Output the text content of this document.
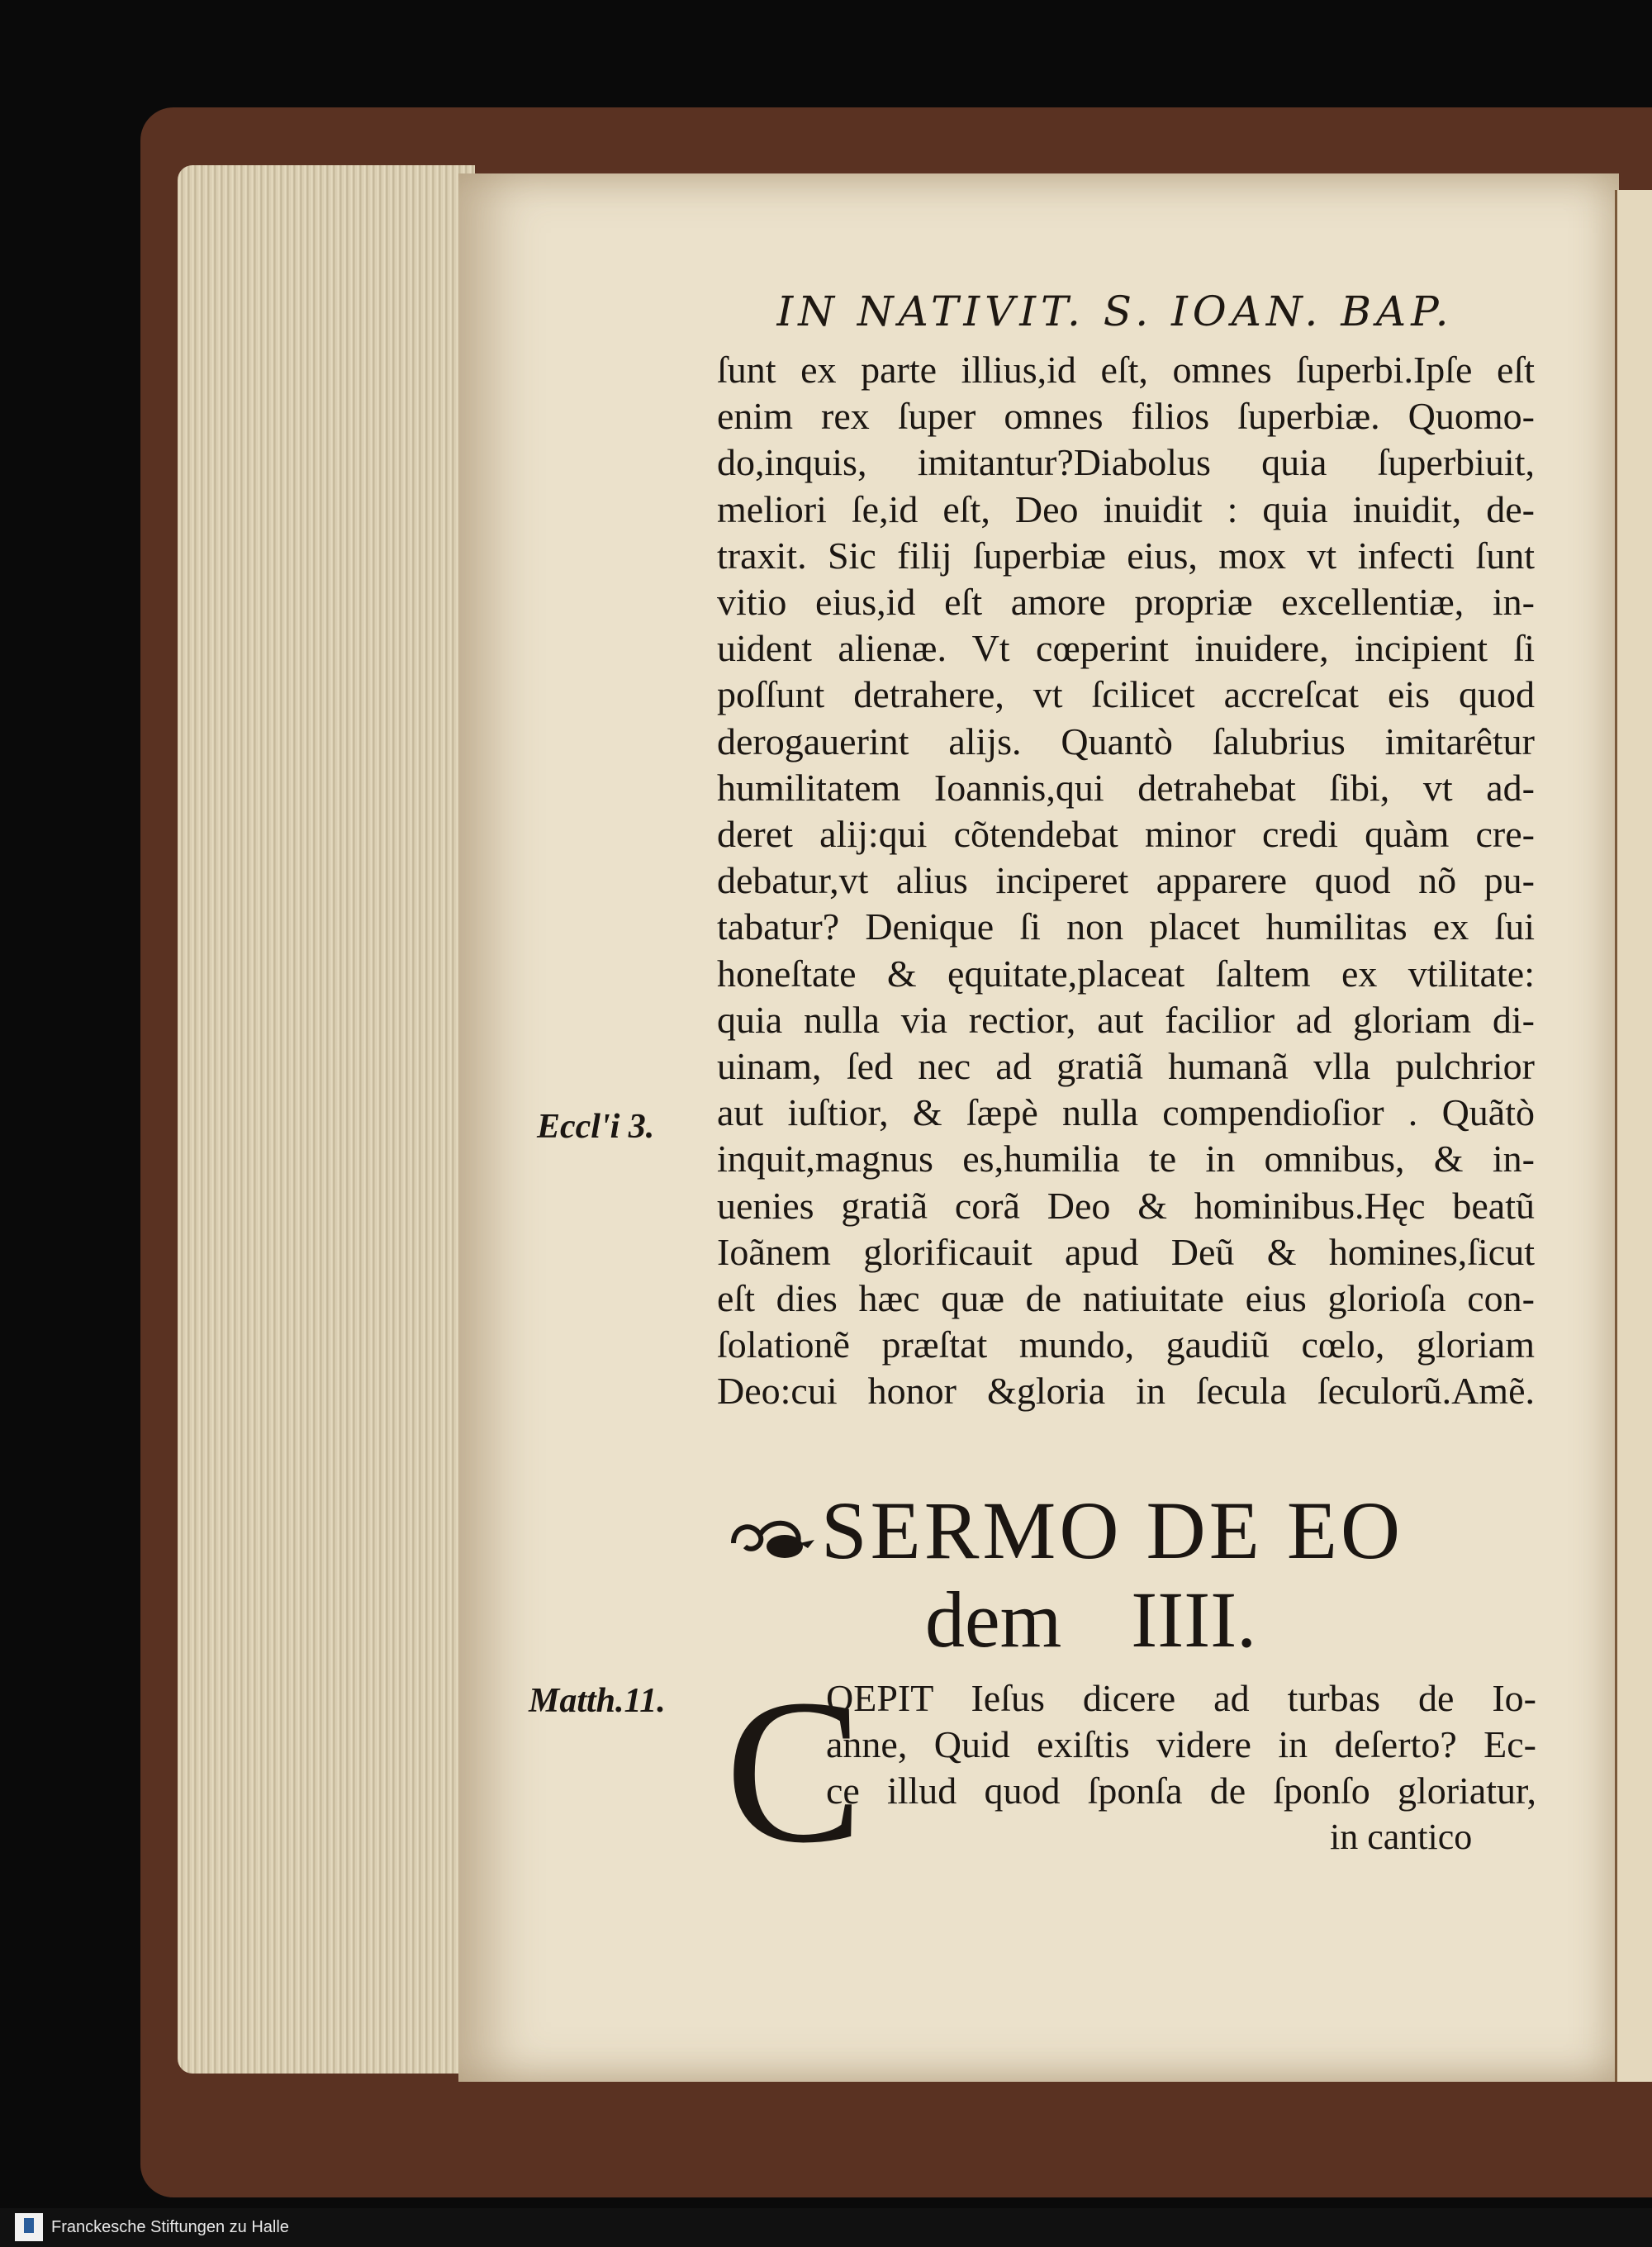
IN NATIVIT. S. IOAN. BAP.
ſunt ex parte illius,id eſt, omnes ſuperbi.Ipſe eſt
enim rex ſuper omnes filios ſuperbiæ. Quomo-
do,inquis, imitantur?Diabolus quia ſuperbiuit,
meliori ſe,id eſt, Deo inuidit : quia inuidit, de-
traxit. Sic filij ſuperbiæ eius, mox vt infecti ſunt
vitio eius,id eſt amore propriæ excellentiæ, in-
uident alienæ. Vt cœperint inuidere, incipient ſi
poſſunt detrahere, vt ſcilicet accreſcat eis quod
derogauerint alijs. Quantò ſalubrius imitarêtur
humilitatem Ioannis,qui detrahebat ſibi, vt ad-
deret alij:qui cõtendebat minor credi quàm cre-
debatur,vt alius inciperet apparere quod nõ pu-
tabatur? Denique ſi non placet humilitas ex ſui
honeſtate & ęquitate,placeat ſaltem ex vtilitate:
quia nulla via rectior, aut facilior ad gloriam di-
uinam, ſed nec ad gratiã humanã vlla pulchrior
aut iuſtior, & ſæpè nulla compendioſior . Quãtò
inquit,magnus es,humilia te in omnibus, & in-
uenies gratiã corã Deo & hominibus.Hęc beatũ
Ioãnem glorificauit apud Deũ & homines,ſicut
eſt dies hæc quæ de natiuitate eius glorioſa con-
ſolationẽ præſtat mundo, gaudiũ cœlo, gloriam
Deo:cui honor &gloria in ſecula ſeculorũ.Amẽ.
Eccl'i 3.
SERMO DE EO
dem IIII.
Matth.11. C
OEPIT Ieſus dicere ad turbas de Io-
anne, Quid exiſtis videre in deſerto? Ec-
ce illud quod ſponſa de ſponſo gloriatur,
in cantico
Franckesche Stiftungen zu Halle
